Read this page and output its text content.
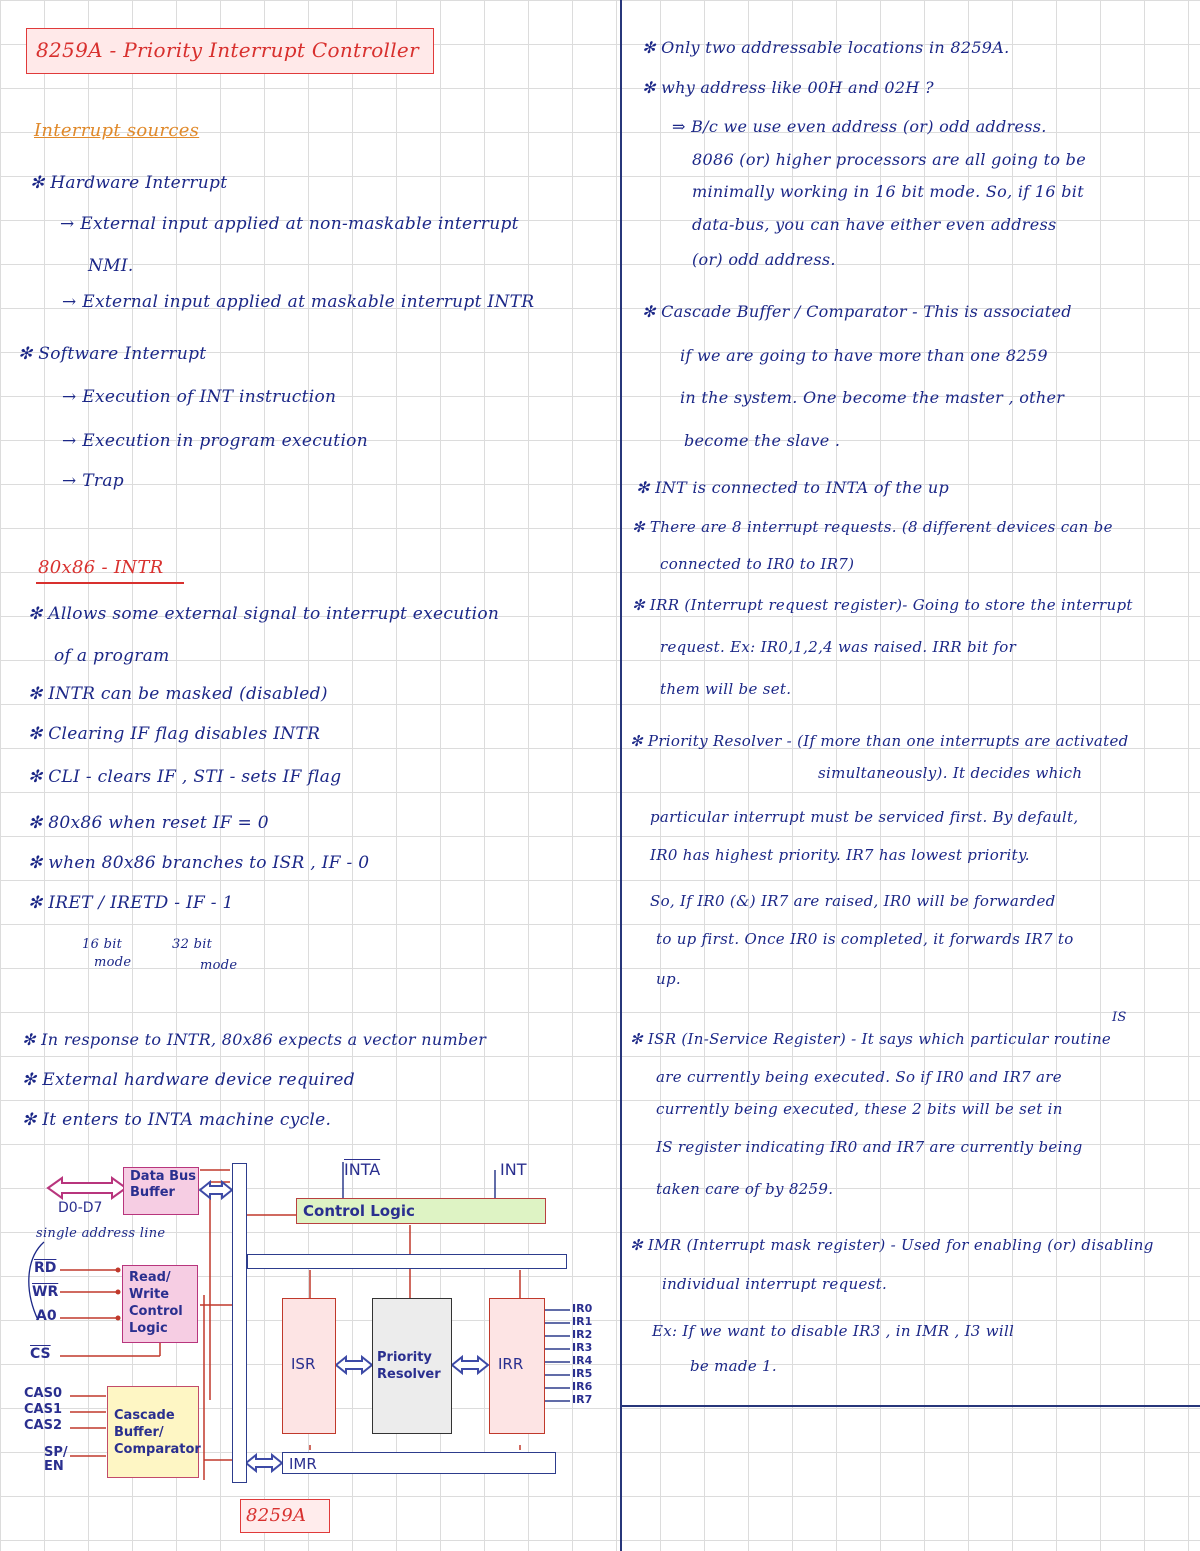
8259A - Priority Interrupt Controller
Interrupt sources
✻ Hardware Interrupt
→ External input applied at non-maskable interrupt
NMI.
→ External input applied at maskable interrupt INTR
✻ Software Interrupt
→ Execution of INT instruction
→ Execution in program execution
→ Trap
80x86 - INTR
✻ Allows some external signal to interrupt execution
of a program
✻ INTR can be masked (disabled)
✻ Clearing IF flag disables INTR
✻ CLI - clears IF , STI - sets IF flag
✻ 80x86 when reset IF = 0
✻ when 80x86 branches to ISR , IF - 0
✻ IRET / IRETD - IF - 1
16 bit
mode
32 bit
mode
✻ In response to INTR, 80x86 expects a vector number
✻ External hardware device required
✻ It enters to INTA machine cycle.
✻ Only two addressable locations in 8259A.
✻ why address like 00H and 02H ?
⇒ B/c we use even address (or) odd address.
8086 (or) higher processors are all going to be
minimally working in 16 bit mode. So, if 16 bit
data-bus, you can have either even address
(or) odd address.
✻ Cascade Buffer / Comparator - This is associated
if we are going to have more than one 8259
in the system. One become the master , other
become the slave .
✻ INT is connected to INTA of the up
✻ There are 8 interrupt requests. (8 different devices can be
connected to IR0 to IR7)
✻ IRR (Interrupt request register)- Going to store the interrupt
request. Ex: IR0,1,2,4 was raised. IRR bit for
them will be set.
✻ Priority Resolver - (If more than one interrupts are activated
simultaneously). It decides which
particular interrupt must be serviced first. By default,
IR0 has highest priority. IR7 has lowest priority.
So, If IR0 (&) IR7 are raised, IR0 will be forwarded
to up first. Once IR0 is completed, it forwards IR7 to
up.
IS
✻ ISR (In-Service Register) - It says which particular routine
are currently being executed. So if IR0 and IR7 are
currently being executed, these 2 bits will be set in
IS register indicating IR0 and IR7 are currently being
taken care of by 8259.
✻ IMR (Interrupt mask register) - Used for enabling (or) disabling
individual interrupt request.
Ex: If we want to disable IR3 , in IMR , I3 will
be made 1.
Data Bus Buffer
D0-D7
single address line
Read/ Write Control Logic
$\overline{RD}$
$\overline{WR}$
A0
$\overline{CS}$
CAS0
CAS1
CAS2
SP/ EN
Cascade Buffer/ Comparator
Control Logic
INTA	INT
ISR	Priority Resolver
IRR
IR0
IR1
IR2
IR3
IR4
IR5
IR6
IR7
IMR
8259A
